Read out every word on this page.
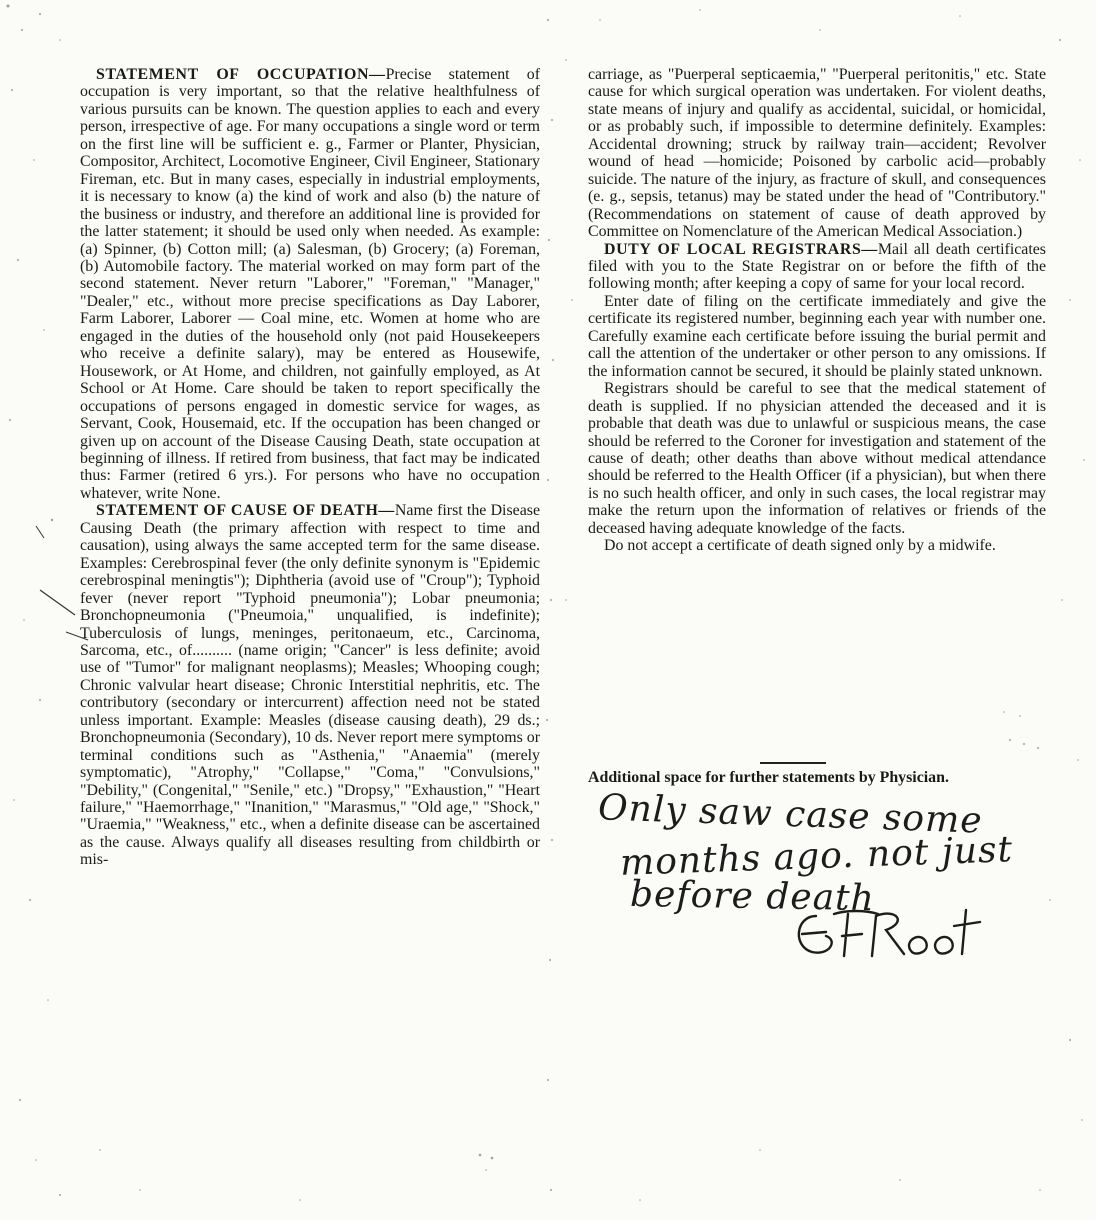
STATEMENT OF OCCUPATION—Precise statement of occupation is very important, so that the relative healthfulness of various pursuits can be known. The question applies to each and every person, irrespective of age. For many occupations a single word or term on the first line will be sufficient e. g., Farmer or Planter, Physician, Compositor, Architect, Locomotive Engineer, Civil Engineer, Stationary Fireman, etc. But in many cases, especially in industrial employments, it is necessary to know (a) the kind of work and also (b) the nature of the business or industry, and therefore an additional line is provided for the latter statement; it should be used only when needed. As example: (a) Spinner, (b) Cotton mill; (a) Salesman, (b) Grocery; (a) Foreman, (b) Automobile factory. The material worked on may form part of the second statement. Never return "Laborer," "Foreman," "Manager," "Dealer," etc., without more precise specifications as Day Laborer, Farm Laborer, Laborer — Coal mine, etc. Women at home who are engaged in the duties of the household only (not paid Housekeepers who receive a definite salary), may be entered as Housewife, Housework, or At Home, and children, not gainfully employed, as At School or At Home. Care should be taken to report specifically the occupations of persons engaged in domestic service for wages, as Servant, Cook, Housemaid, etc. If the occupation has been changed or given up on account of the Disease Causing Death, state occupation at beginning of illness. If retired from business, that fact may be indicated thus: Farmer (retired 6 yrs.). For persons who have no occupation whatever, write None.

STATEMENT OF CAUSE OF DEATH—Name first the Disease Causing Death (the primary affection with respect to time and causation), using always the same accepted term for the same disease. Examples: Cerebrospinal fever (the only definite synonym is "Epidemic cerebrospinal meningtis"); Diphtheria (avoid use of "Croup"); Typhoid fever (never report "Typhoid pneumonia"); Lobar pneumonia; Bronchopneumonia ("Pneumoia," unqualified, is indefinite); Tuberculosis of lungs, meninges, peritonaeum, etc., Carcinoma, Sarcoma, etc., of.......... (name origin; "Cancer" is less definite; avoid use of "Tumor" for malignant neoplasms); Measles; Whooping cough; Chronic valvular heart disease; Chronic Interstitial nephritis, etc. The contributory (secondary or intercurrent) affection need not be stated unless important. Example: Measles (disease causing death), 29 ds.; Bronchopneumonia (Secondary), 10 ds. Never report mere symptoms or terminal conditions such as "Asthenia," "Anaemia" (merely symptomatic), "Atrophy," "Collapse," "Coma," "Convulsions," "Debility," (Congenital," "Senile," etc.) "Dropsy," "Exhaustion," "Heart failure," "Haemorrhage," "Inanition," "Marasmus," "Old age," "Shock," "Uraemia," "Weakness," etc., when a definite disease can be ascertained as the cause. Always qualify all diseases resulting from childbirth or mis-

carriage, as "Puerperal septicaemia," "Puerperal peritonitis," etc. State cause for which surgical operation was undertaken. For violent deaths, state means of injury and qualify as accidental, suicidal, or homicidal, or as probably such, if impossible to determine definitely. Examples: Accidental drowning; struck by railway train—accident; Revolver wound of head —homicide; Poisoned by carbolic acid—probably suicide. The nature of the injury, as fracture of skull, and consequences (e. g., sepsis, tetanus) may be stated under the head of "Contributory." (Recommendations on statement of cause of death approved by Committee on Nomenclature of the American Medical Association.)

DUTY OF LOCAL REGISTRARS—Mail all death certificates filed with you to the State Registrar on or before the fifth of the following month; after keeping a copy of same for your local record.

Enter date of filing on the certificate immediately and give the certificate its registered number, beginning each year with number one. Carefully examine each certificate before issuing the burial permit and call the attention of the undertaker or other person to any omissions. If the information cannot be secured, it should be plainly stated unknown.

Registrars should be careful to see that the medical statement of death is supplied. If no physician attended the deceased and it is probable that death was due to unlawful or suspicious means, the case should be referred to the Coroner for investigation and statement of the cause of death; other deaths than above without medical attendance should be referred to the Health Officer (if a physician), but when there is no such health officer, and only in such cases, the local registrar may make the return upon the information of relatives or friends of the deceased having adequate knowledge of the facts.

Do not accept a certificate of death signed only by a midwife.

Additional space for further statements by Physician.

Only saw case some

months ago. not just

before death
